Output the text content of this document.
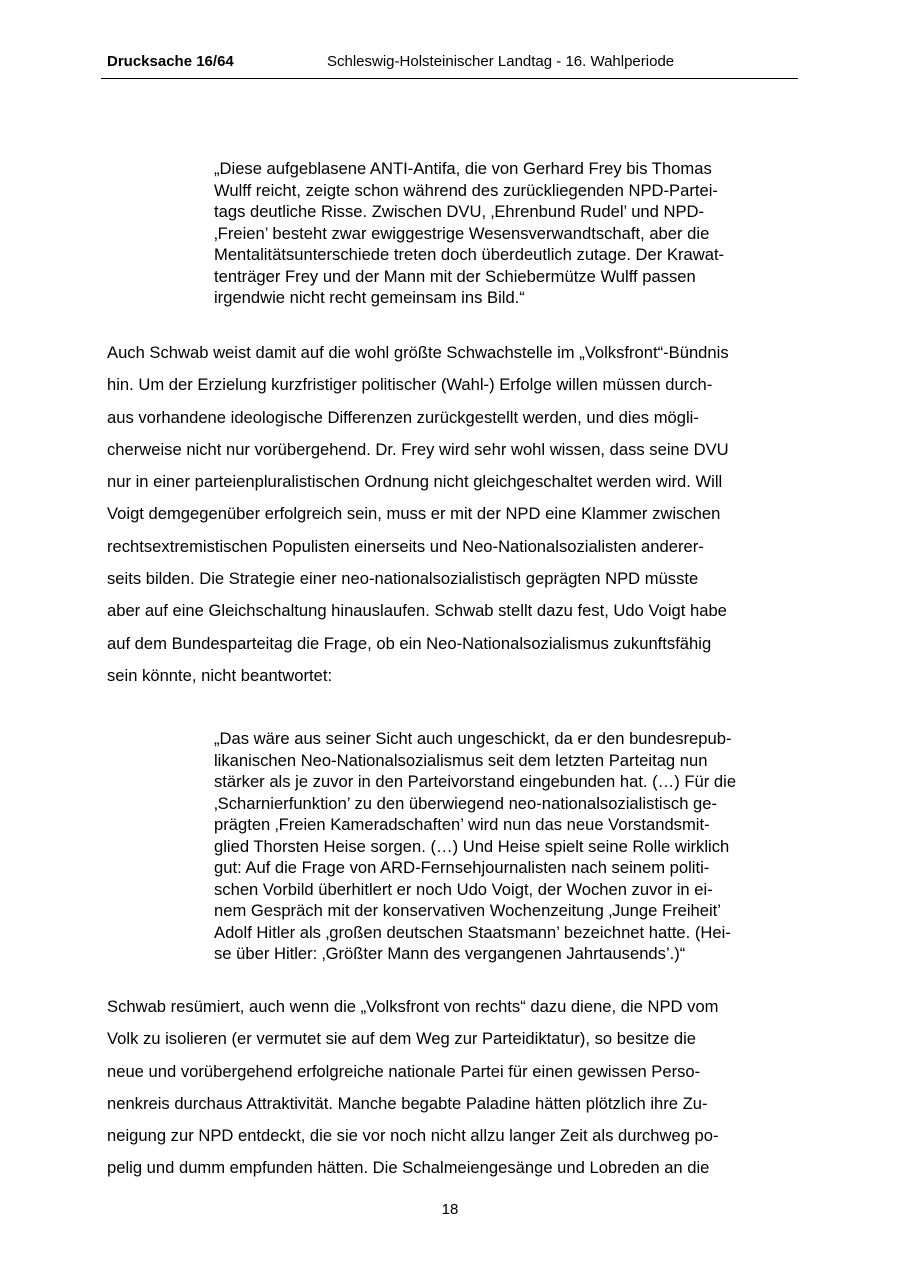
Drucksache 16/64	Schleswig-Holsteinischer Landtag - 16. Wahlperiode
„Diese aufgeblasene ANTI-Antifa, die von Gerhard Frey bis Thomas
Wulff reicht, zeigte schon während des zurückliegenden NPD-Partei-
tags deutliche Risse. Zwischen DVU, ‚Ehrenbund Rudel’ und NPD-
‚Freien’ besteht zwar ewiggestrige Wesensverwandtschaft, aber die
Mentalitätsunterschiede treten doch überdeutlich zutage. Der Krawat-
tenträger Frey und der Mann mit der Schiebermütze Wulff passen
irgendwie nicht recht gemeinsam ins Bild.“

Auch Schwab weist damit auf die wohl größte Schwachstelle im „Volksfront“-Bündnis
hin. Um der Erzielung kurzfristiger politischer (Wahl-) Erfolge willen müssen durch-
aus vorhandene ideologische Differenzen zurückgestellt werden, und dies mögli-
cherweise nicht nur vorübergehend. Dr. Frey wird sehr wohl wissen, dass seine DVU
nur in einer parteienpluralistischen Ordnung nicht gleichgeschaltet werden wird. Will
Voigt demgegenüber erfolgreich sein, muss er mit der NPD eine Klammer zwischen
rechtsextremistischen Populisten einerseits und Neo-Nationalsozialisten anderer-
seits bilden. Die Strategie einer neo-nationalsozialistisch geprägten NPD müsste
aber auf eine Gleichschaltung hinauslaufen. Schwab stellt dazu fest, Udo Voigt habe
auf dem Bundesparteitag die Frage, ob ein Neo-Nationalsozialismus zukunftsfähig
sein könnte, nicht beantwortet:

„Das wäre aus seiner Sicht auch ungeschickt, da er den bundesrepub-
likanischen Neo-Nationalsozialismus seit dem letzten Parteitag nun
stärker als je zuvor in den Parteivorstand eingebunden hat. (…) Für die
‚Scharnierfunktion’ zu den überwiegend neo-nationalsozialistisch ge-
prägten ‚Freien Kameradschaften’ wird nun das neue Vorstandsmit-
glied Thorsten Heise sorgen. (…) Und Heise spielt seine Rolle wirklich
gut: Auf die Frage von ARD-Fernsehjournalisten nach seinem politi-
schen Vorbild überhitlert er noch Udo Voigt, der Wochen zuvor in ei-
nem Gespräch mit der konservativen Wochenzeitung ‚Junge Freiheit’
Adolf Hitler als ‚großen deutschen Staatsmann’ bezeichnet hatte. (Hei-
se über Hitler: ‚Größter Mann des vergangenen Jahrtausends’.)“

Schwab resümiert, auch wenn die „Volksfront von rechts“ dazu diene, die NPD vom
Volk zu isolieren (er vermutet sie auf dem Weg zur Parteidiktatur), so besitze die
neue und vorübergehend erfolgreiche nationale Partei für einen gewissen Perso-
nenkreis durchaus Attraktivität. Manche begabte Paladine hätten plötzlich ihre Zu-
neigung zur NPD entdeckt, die sie vor noch nicht allzu langer Zeit als durchweg po-
pelig und dumm empfunden hätten. Die Schalmeiengesänge und Lobreden an die

18
